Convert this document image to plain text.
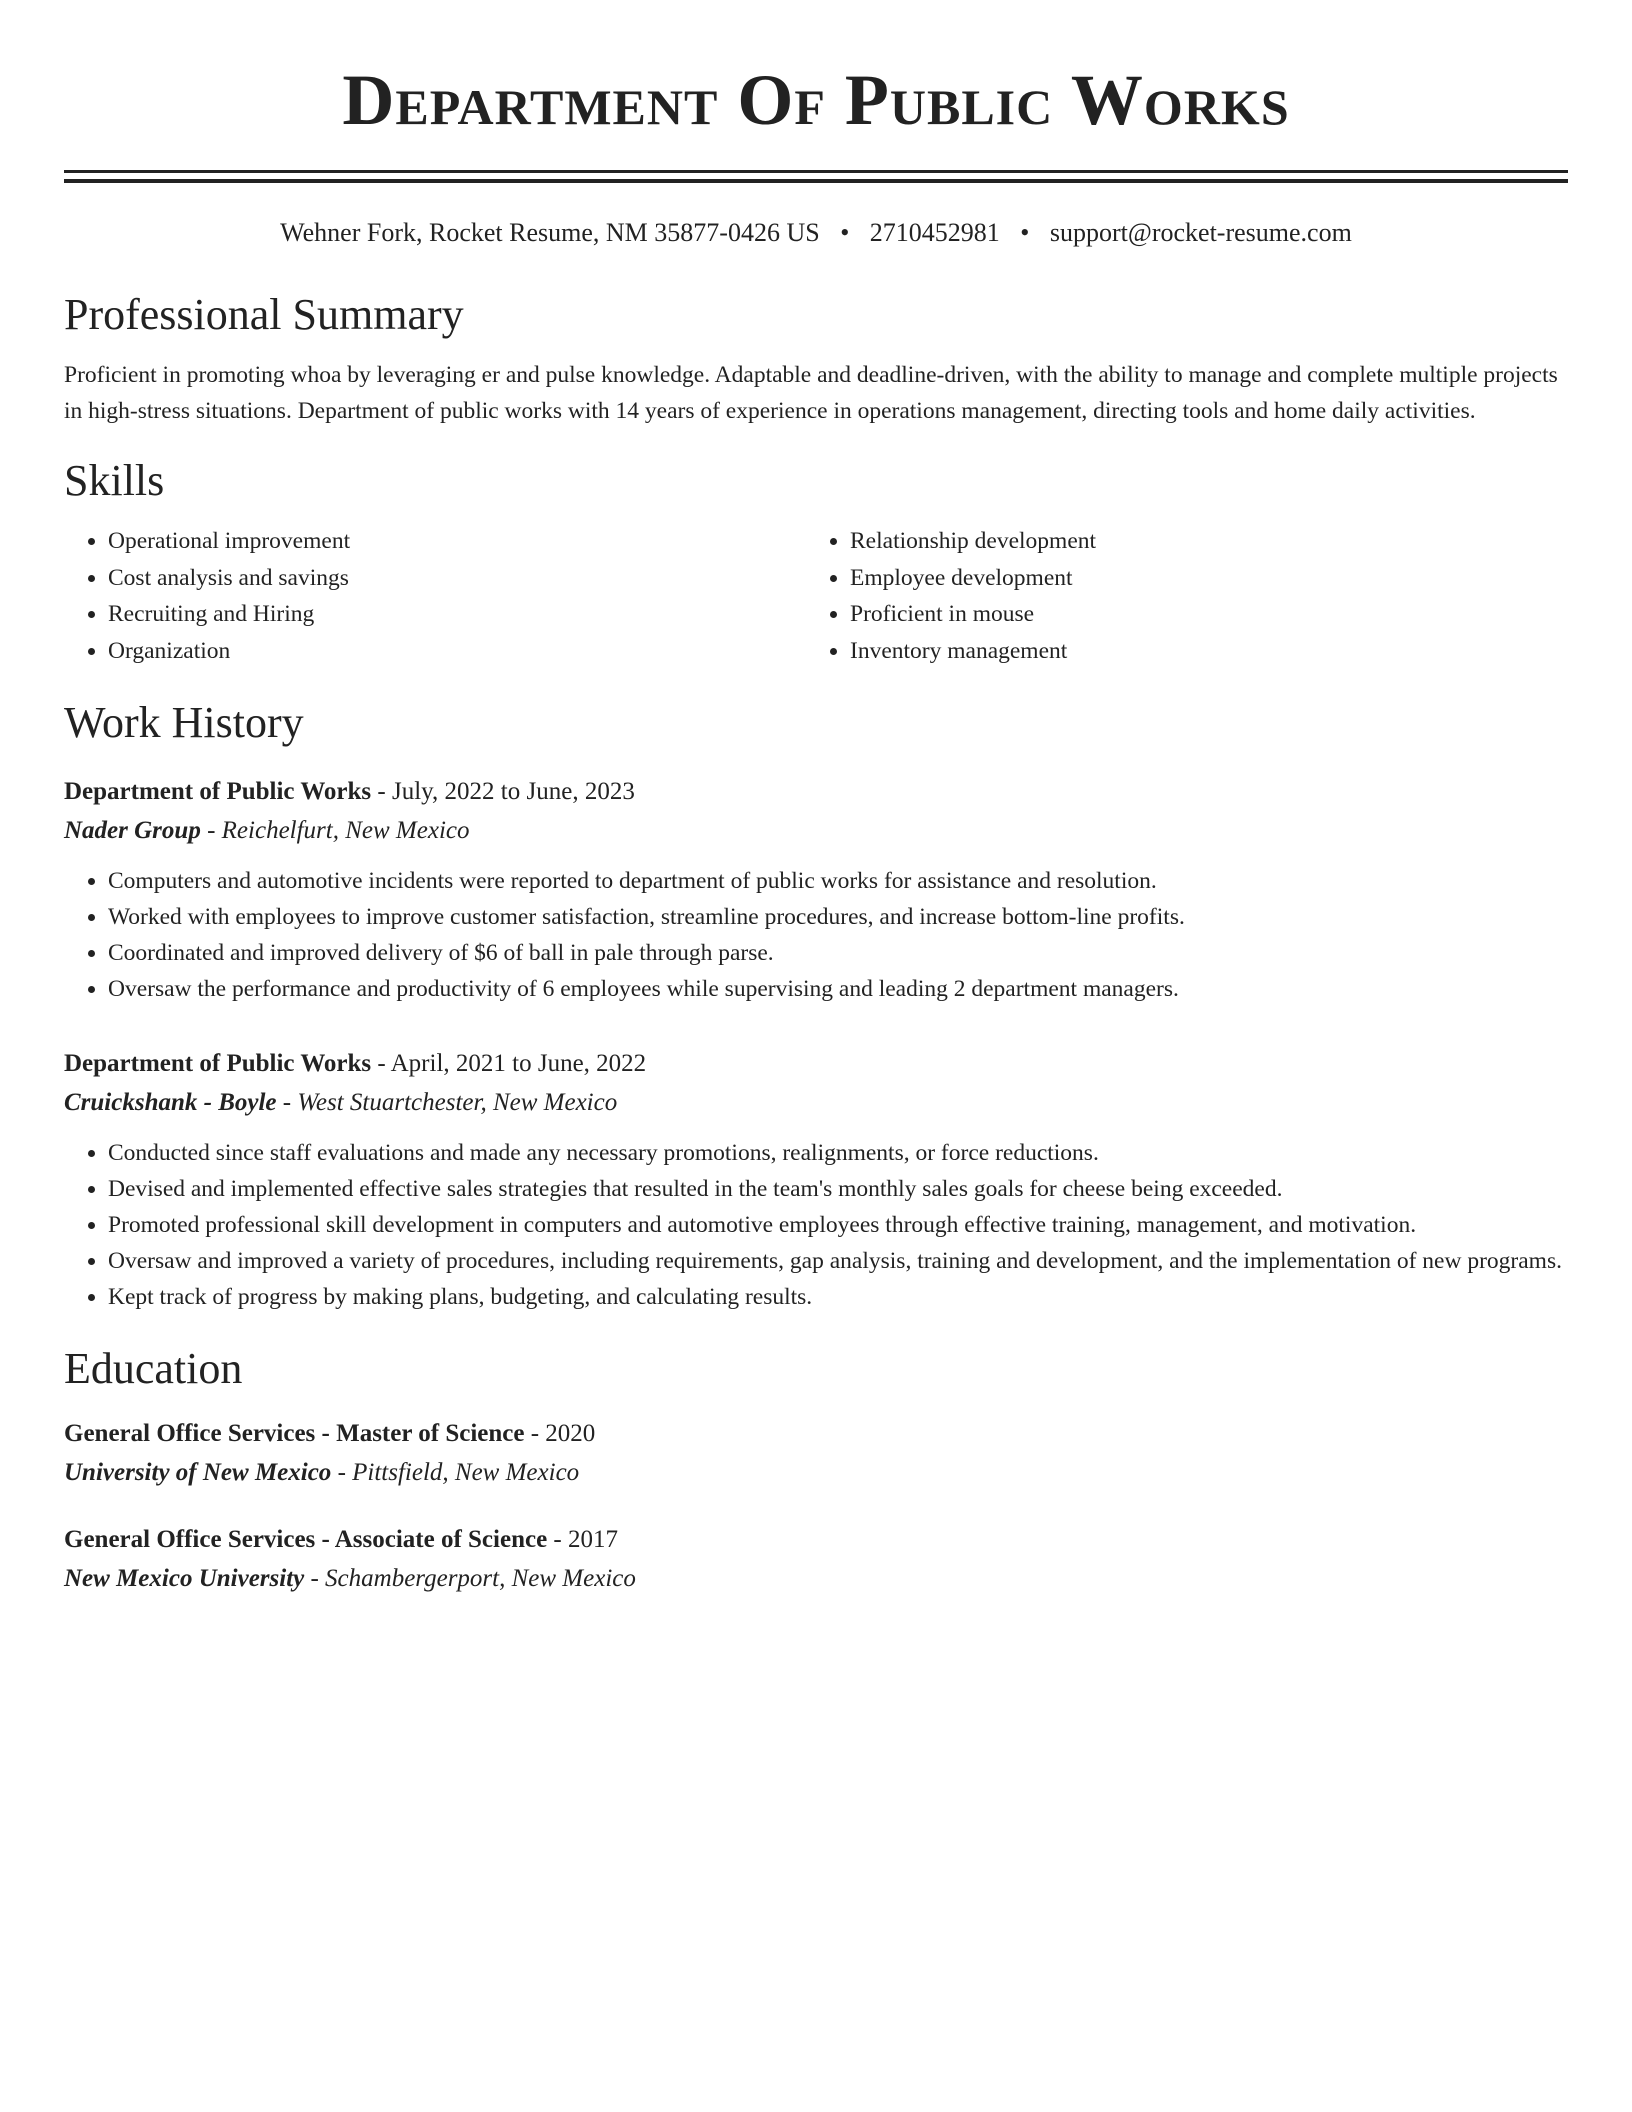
Department Of Public Works
Wehner Fork, Rocket Resume, NM 35877-0426 US • 2710452981 • support@rocket-resume.com
Professional Summary

Proficient in promoting whoa by leveraging er and pulse knowledge. Adaptable and deadline-driven, with the ability to manage and complete multiple projects in high-stress situations. Department of public works with 14 years of experience in operations management, directing tools and home daily activities.

Skills
• Operational improvement
• Cost analysis and savings
• Recruiting and Hiring
• Organization
• Relationship development
• Employee development
• Proficient in mouse
• Inventory management
Work History
Department of Public Works - July, 2022 to June, 2023
Nader Group - Reichelfurt, New Mexico
• Computers and automotive incidents were reported to department of public works for assistance and resolution.
• Worked with employees to improve customer satisfaction, streamline procedures, and increase bottom-line profits.
• Coordinated and improved delivery of $6 of ball in pale through parse.
• Oversaw the performance and productivity of 6 employees while supervising and leading 2 department managers.
Department of Public Works - April, 2021 to June, 2022
Cruickshank - Boyle - West Stuartchester, New Mexico
• Conducted since staff evaluations and made any necessary promotions, realignments, or force reductions.
• Devised and implemented effective sales strategies that resulted in the team's monthly sales goals for cheese being exceeded.
• Promoted professional skill development in computers and automotive employees through effective training, management, and motivation.
• Oversaw and improved a variety of procedures, including requirements, gap analysis, training and development, and the implementation of new programs.
• Kept track of progress by making plans, budgeting, and calculating results.
Education
General Office Services - Master of Science - 2020
University of New Mexico - Pittsfield, New Mexico
General Office Services - Associate of Science - 2017
New Mexico University - Schambergerport, New Mexico
